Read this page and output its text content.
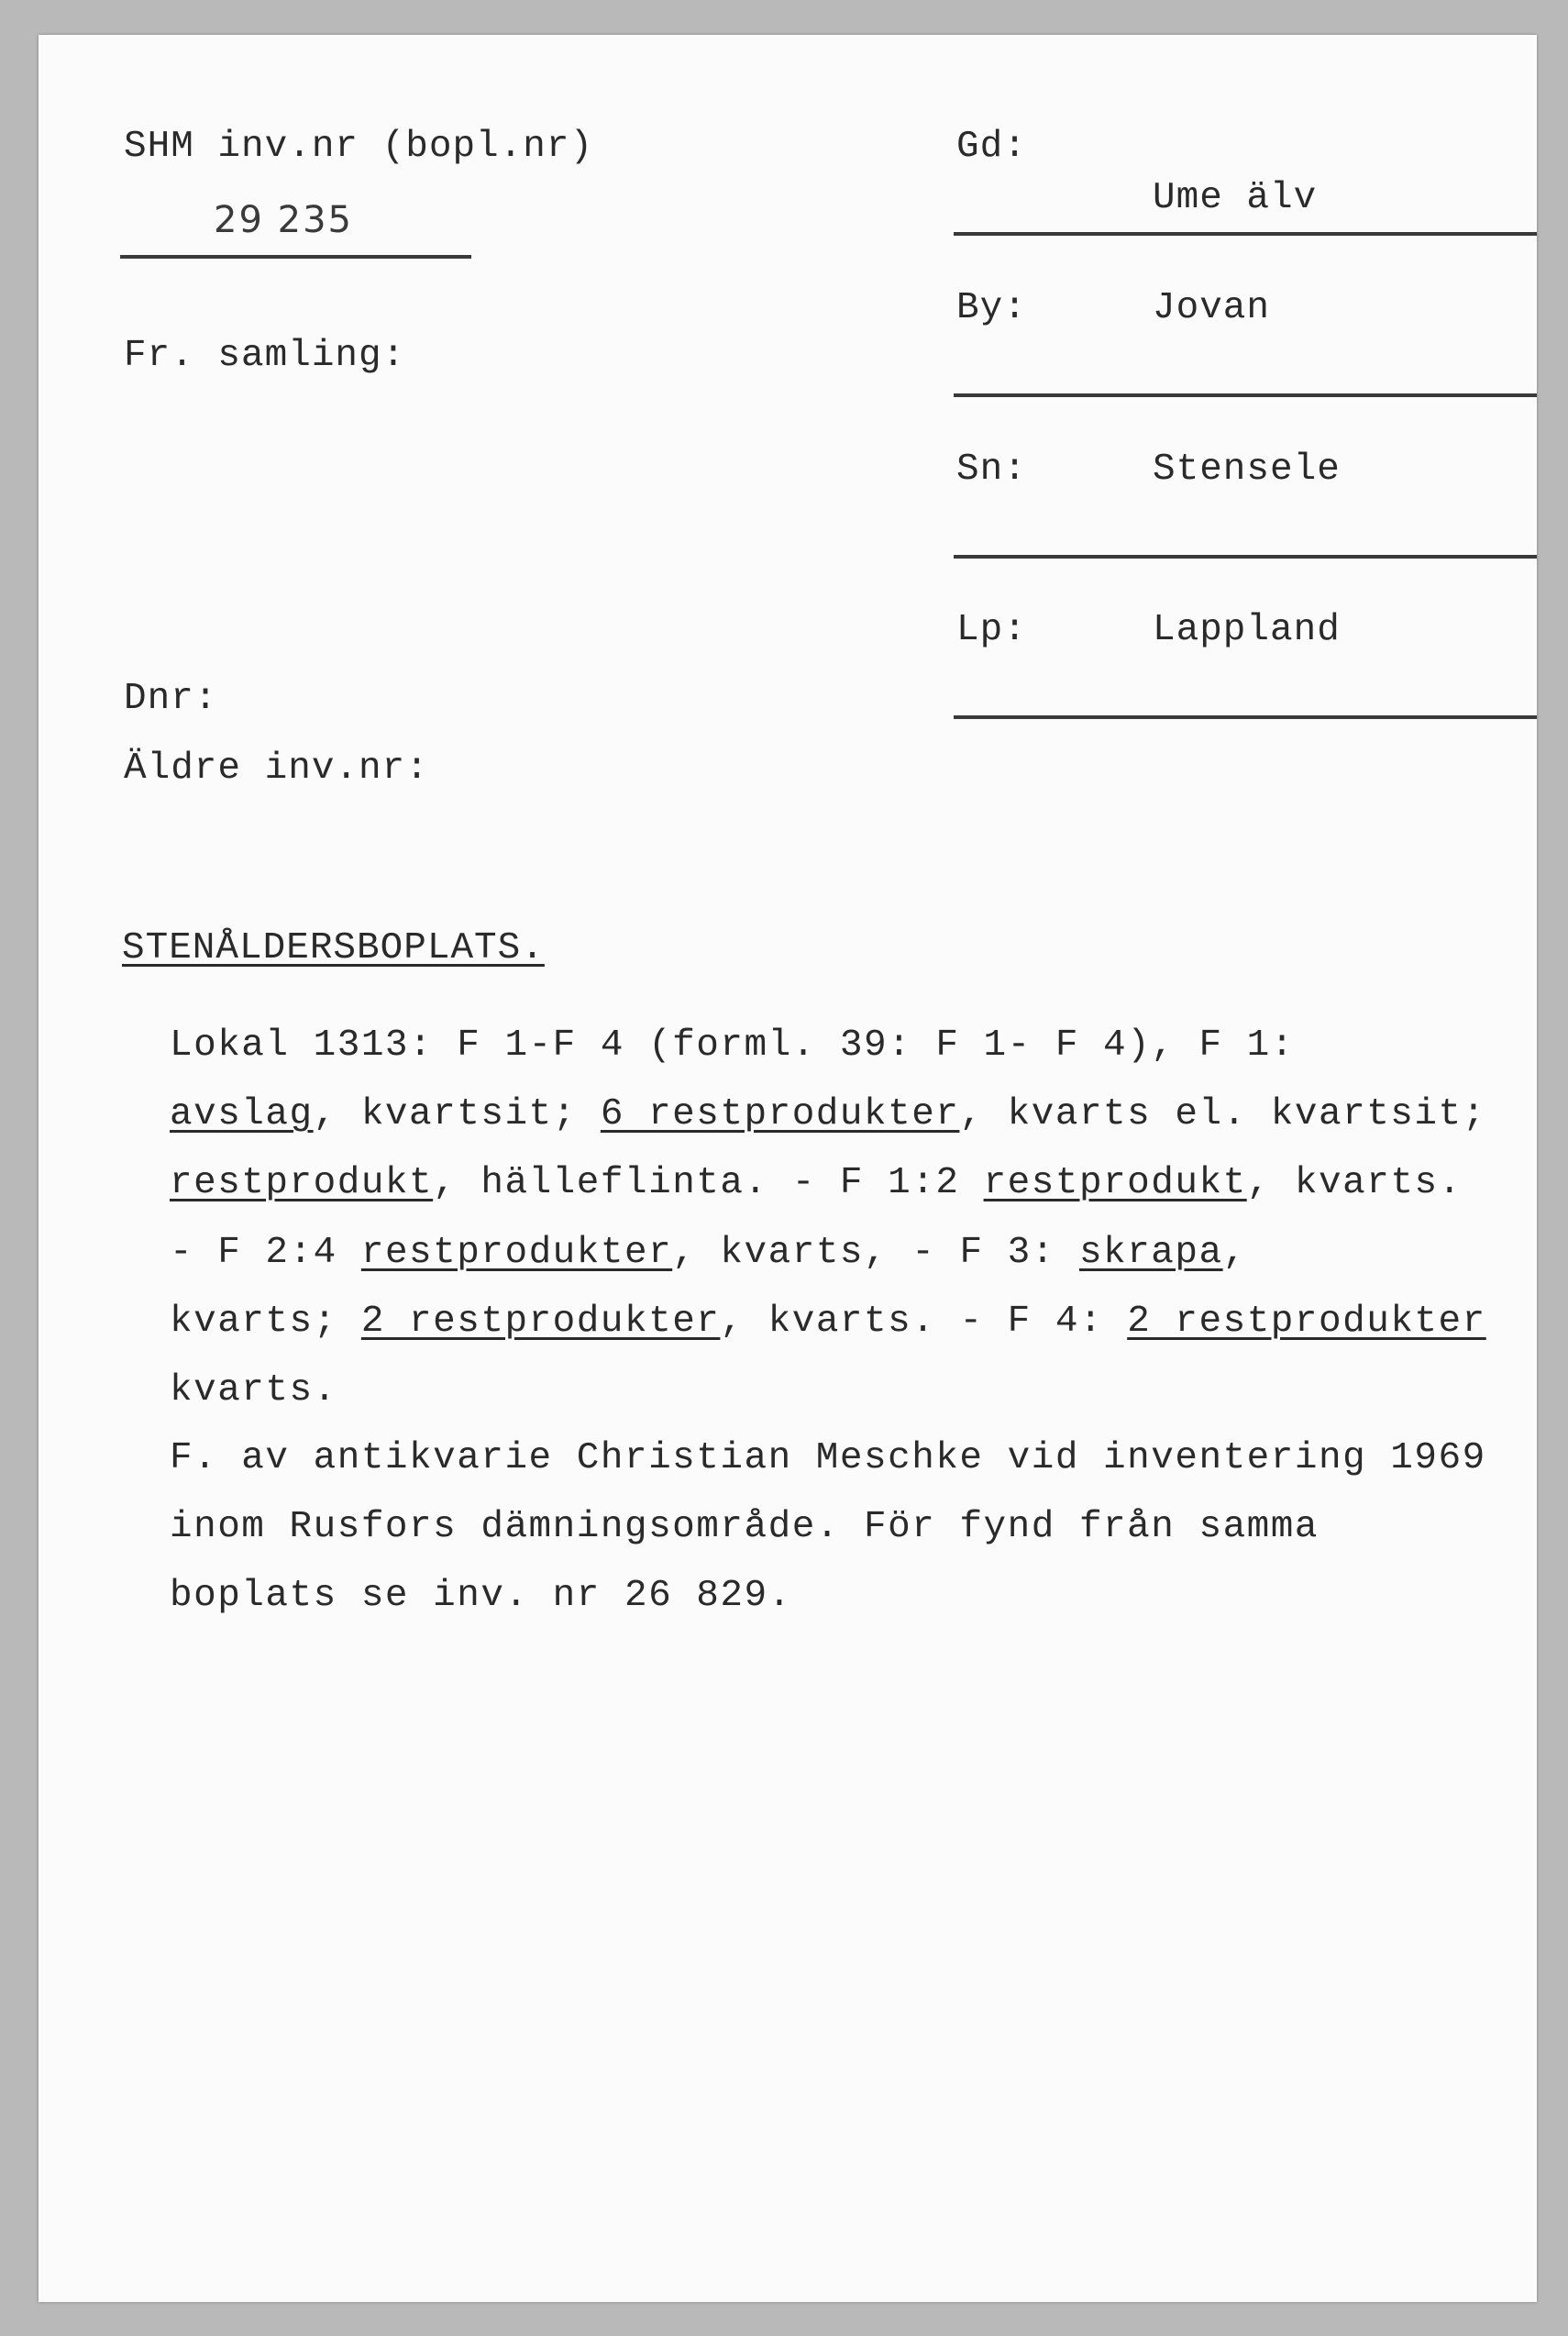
SHM inv.nr (bopl.nr)
29 235
Fr. samling:
Dnr:
Äldre inv.nr:
Gd:
Ume älv
By:	Jovan
Sn:	Stensele
Lp:	Lappland
STENÅLDERSBOPLATS.
Lokal 1313: F 1-F 4 (forml. 39: F 1- F 4), F 1:
avslag, kvartsit; 6 restprodukter, kvarts el. kvartsit;
restprodukt, hälleflinta. - F 1:2 restprodukt, kvarts.
- F 2:4 restprodukter, kvarts, - F 3: skrapa,
kvarts; 2 restprodukter, kvarts. - F 4: 2 restprodukter
kvarts.
F. av antikvarie Christian Meschke vid inventering 1969
inom Rusfors dämningsområde. För fynd från samma
boplats se inv. nr 26 829.
